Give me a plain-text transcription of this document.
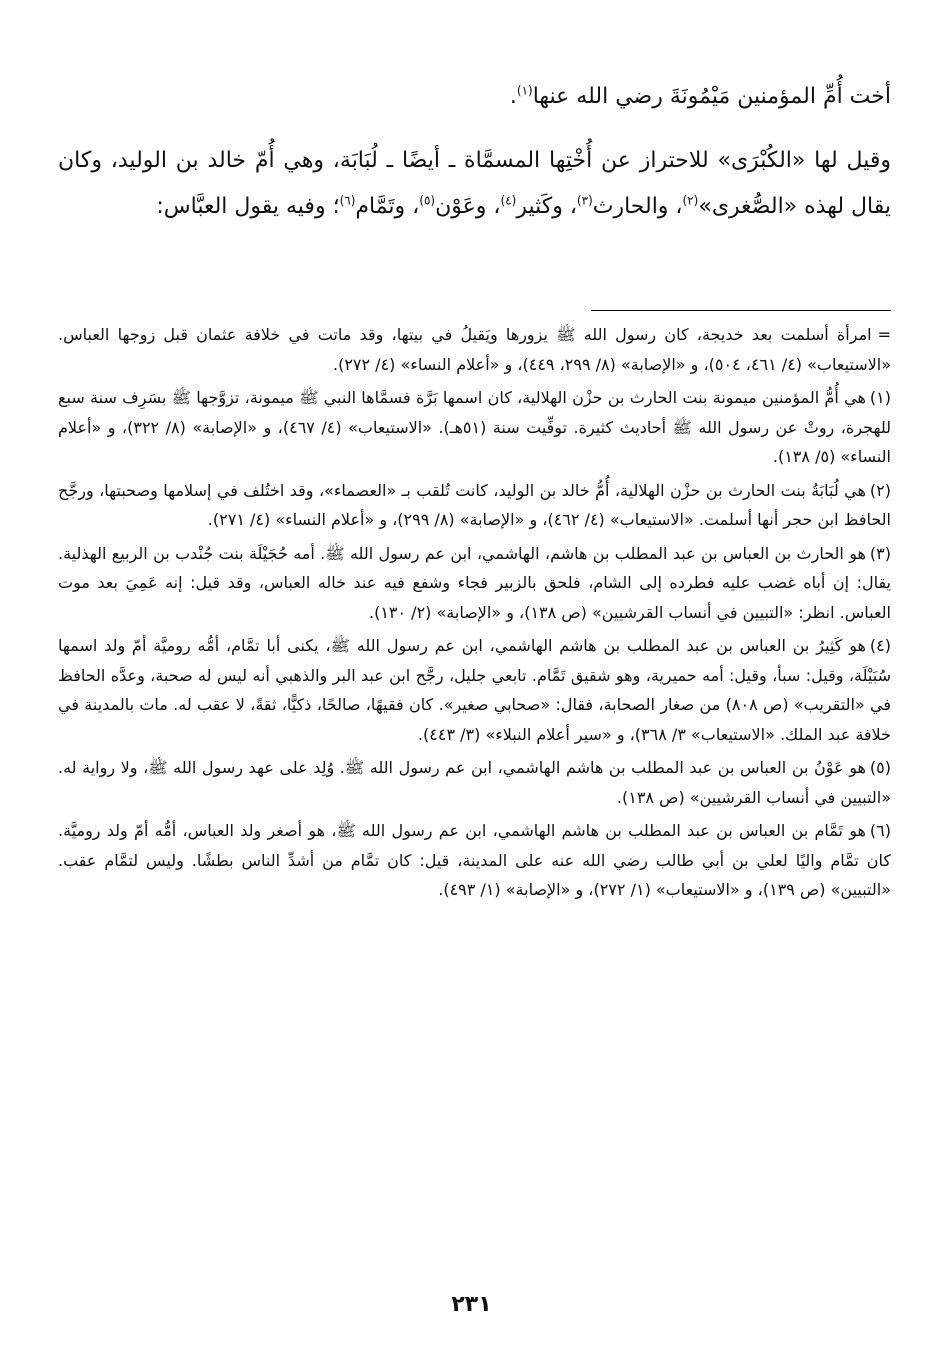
أخت أُمِّ المؤمنين مَيْمُونَةَ رضي الله عنها$^{(١)}$.

وقيل لها «الكُبْرَى» للاحتراز عن أُخْتِها المسمَّاة ـ أيضًا ـ لُبَابَة، وهي أُمّ خالد بن الوليد، وكان يقال لهذه «الصُّغرى»$^{(٢)}$، والحارث$^{(٣)}$، وكَثير$^{(٤)}$، وعَوْن$^{(٥)}$، وتَمَّام$^{(٦)}$؛ وفيه يقول العبَّاس:

=امرأة أسلمت بعد خديجة، كان رسول الله ﷺ يزورها ويَقيلُ في بيتها، وقد ماتت في خلافة عثمان قبل زوجها العباس. «الاستيعاب» (٤/ ٤٦١، ٥٠٤)، و «الإصابة» (٨/ ٢٩٩، ٤٤٩)، و «أعلام النساء» (٤/ ٢٧٢).

(١)هي أُمُّ المؤمنين ميمونة بنت الحارث بن حزْن الهلالية، كان اسمها بَرَّة فسمَّاها النبي ﷺ ميمونة، تزوَّجها ﷺ بسَرِف سنة سبع للهجرة، روتْ عن رسول الله ﷺ أحاديث كثيرة. توفِّيت سنة (٥١هـ). «الاستيعاب» (٤/ ٤٦٧)، و «الإصابة» (٨/ ٣٢٢)، و «أعلام النساء» (٥/ ١٣٨).

(٢)هي لُبَابَةُ بنت الحارث بن حزْن الهلالية، أُمُّ خالد بن الوليد، كانت تُلقب بـ «العصماء»، وقد اختُلف في إسلامها وصحبتها، ورجَّح الحافظ ابن حجر أنها أسلمت. «الاستيعاب» (٤/ ٤٦٢)، و «الإصابة» (٨/ ٢٩٩)، و «أعلام النساء» (٤/ ٢٧١).

(٣)هو الحارث بن العباس بن عبد المطلب بن هاشم، الهاشمي، ابن عم رسول الله ﷺ. أمه حُجَيْلَة بنت جُنْدب بن الربيع الهذلية. يقال: إن أباه غضب عليه فطرده إلى الشام، فلحق بالزبير فجاء وشفع فيه عند خاله العباس، وقد قيل: إنه عَمِيَ بعد موت العباس. انظر: «التبيين في أنساب القرشيين» (ص ١٣٨)، و «الإصابة» (٢/ ١٣٠).

(٤)هو كَثِيرُ بن العباس بن عبد المطلب بن هاشم الهاشمي، ابن عم رسول الله ﷺ، يكنى أبا تمَّام، أمُّه روميَّة أمّ ولد اسمها سُبَيْلَة، وقيل: سبأ، وقيل: أمه حميرية، وهو شقيق تَمَّام. تابعي جليل، رجَّح ابن عبد البر والذهبي أنه ليس له صحبة، وعدَّه الحافظ في «التقريب» (ص ٨٠٨) من صغار الصحابة، فقال: «صحابي صغير». كان فقيهًا، صالحًا، ذكيًّا، ثقةً، لا عقب له. مات بالمدينة في خلافة عبد الملك. «الاستيعاب» ٣/ ٣٦٨)، و «سير أعلام النبلاء» (٣/ ٤٤٣).

(٥)هو عَوْنُ بن العباس بن عبد المطلب بن هاشم الهاشمي، ابن عم رسول الله ﷺ. وُلِد على عهد رسول الله ﷺ، ولا رواية له. «التبيين في أنساب القرشيين» (ص ١٣٨).

(٦)هو تَمَّام بن العباس بن عبد المطلب بن هاشم الهاشمي، ابن عم رسول الله ﷺ، هو أصغر ولد العباس، أمُّه أمّ ولد روميَّة. كان تمَّام واليًا لعلي بن أبي طالب رضي الله عنه على المدينة، قيل: كان تمَّام من أشدِّ الناس بطشًا. وليس لتمَّام عقب. «التبيين» (ص ١٣٩)، و «الاستيعاب» (١/ ٢٧٢)، و «الإصابة» (١/ ٤٩٣).

٢٣١
